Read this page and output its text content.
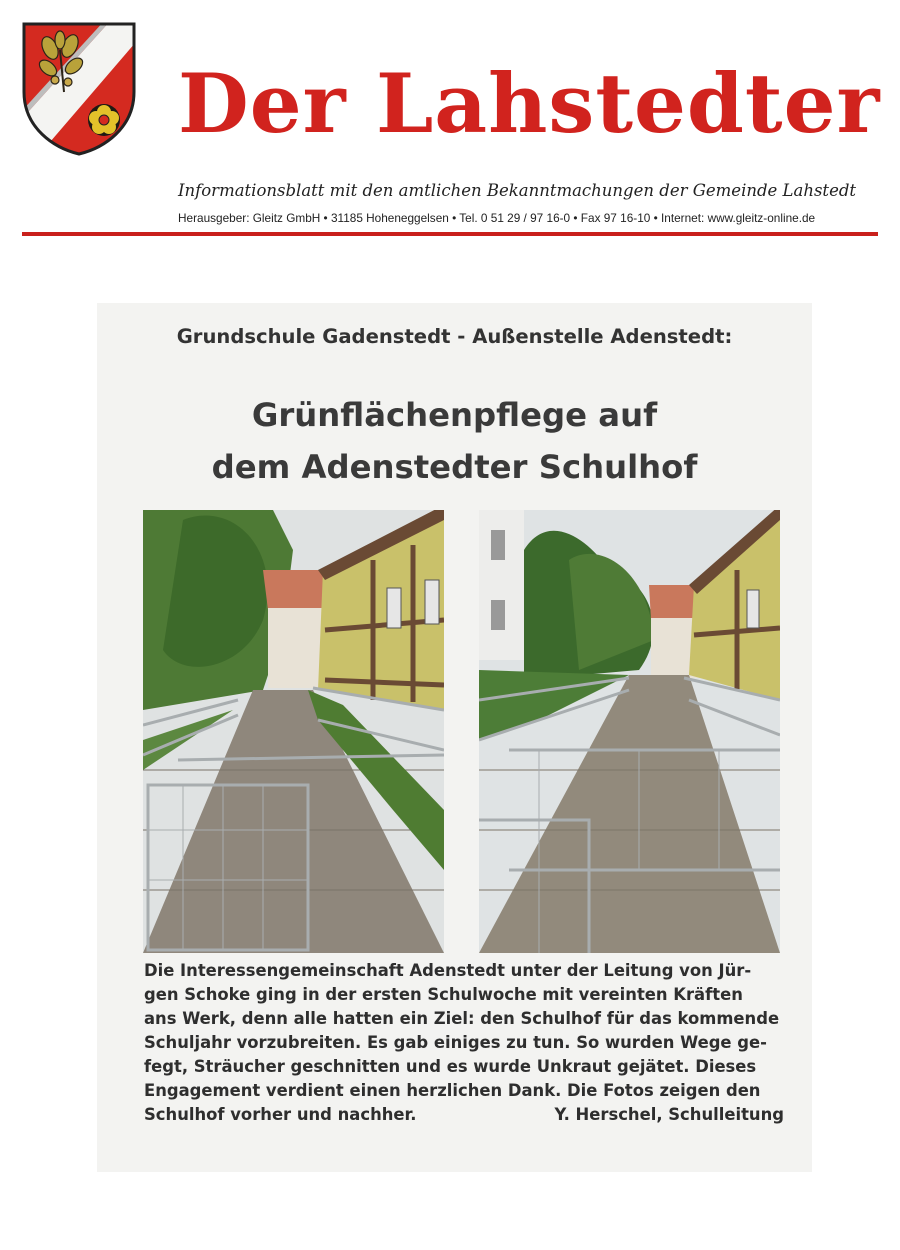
Der Lahstedter
Informationsblatt mit den amtlichen Bekanntmachungen der Gemeinde Lahstedt
Herausgeber: Gleitz GmbH • 31185 Hoheneggelsen • Tel. 0 51 29 / 97 16-0 • Fax 97 16-10 • Internet: www.gleitz-online.de
Grundschule Gadenstedt - Außenstelle Adenstedt:
Grünflächenpflege auf
dem Adenstedter Schulhof
Die Interessengemeinschaft Adenstedt unter der Leitung von Jür-
gen Schoke ging in der ersten Schulwoche mit vereinten Kräften
ans Werk, denn alle hatten ein Ziel: den Schulhof für das kommende
Schuljahr vorzubreiten. Es gab einiges zu tun. So wurden Wege ge-
fegt, Sträucher geschnitten und es wurde Unkraut gejätet. Dieses
Engagement verdient einen herzlichen Dank. Die Fotos zeigen den
Schulhof vorher und nachher.	Y. Herschel, Schulleitung
